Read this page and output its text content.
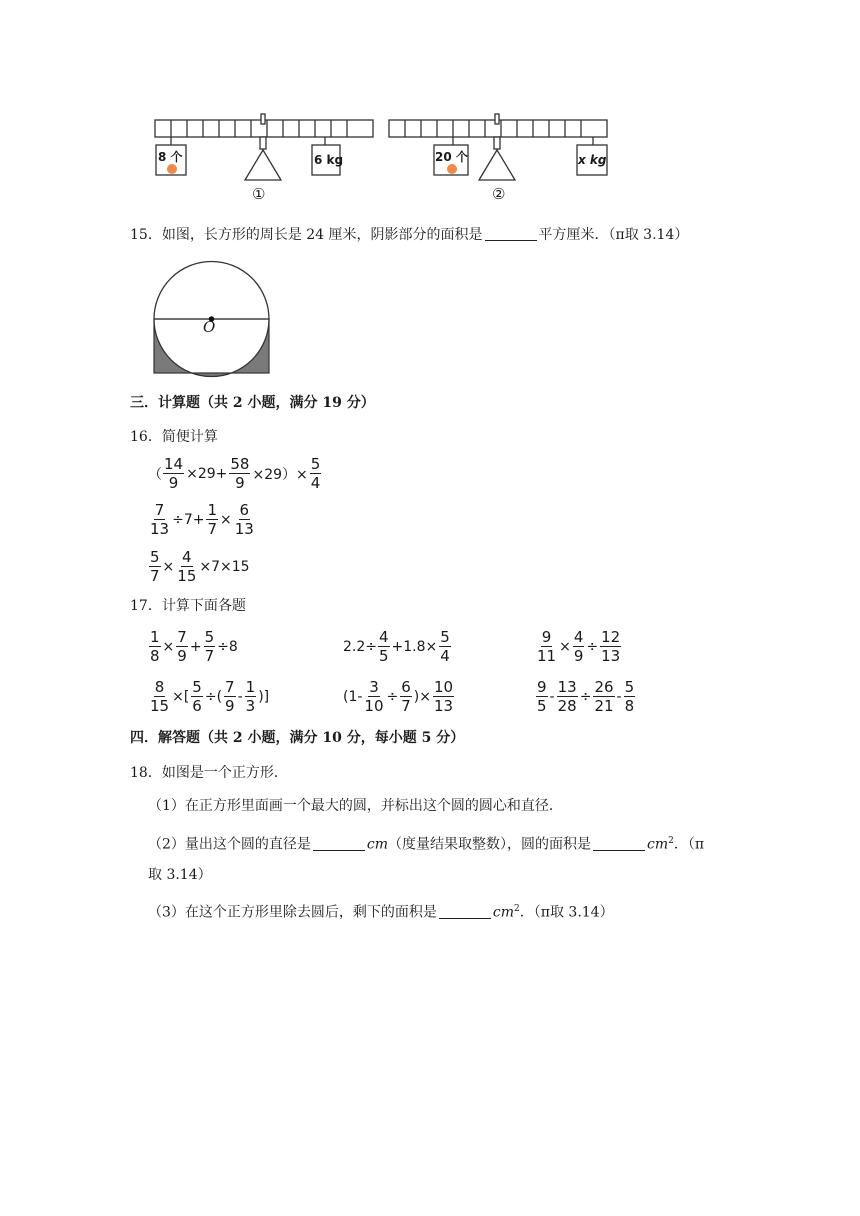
8 个	6 kg
①
20 个	x kg
②
15．如图，长方形的周长是 24 厘米，阴影部分的面积是	平方厘米．（π取 3.14）
O
三．计算题（共 2 小题，满分 19 分）
16．简便计算
（ $\frac{14}{9} \times 29+ \frac{58}{9} \times 29)\times \frac{5}{4}$
$\frac{7}{13} \div 7+ \frac{1}{7} \times \frac{6}{13}$
$\frac{5}{7} \times \frac{4}{15} \times 7\times 15$
17．计算下面各题
$\frac{1}{8} \times \frac{7}{9} + \frac{5}{7} \div 8$	$2.2\div \frac{4}{5} +1.8\times \frac{5}{4}$	$\frac{9}{11} \times \frac{4}{9} \div \frac{12}{13}$
$\frac{8}{15}$ ×[ $\frac{5}{6}$ ÷( $\frac{7}{9} - \frac{1}{3}$ )]	($1- \frac{3}{10} \div \frac{6}{7}$ )× $\frac{10}{13}$	$\frac{9}{5} - \frac{13}{28} \div \frac{26}{21} - \frac{5}{8}$
四．解答题（共 2 小题，满分 10 分，每小题 5 分）
18．如图是一个正方形．
（1）在正方形里面画一个最大的圆，并标出这个圆的圆心和直径．
（2）量出这个圆的直径是	cm（度量结果取整数），圆的面积是	$cm^2$．（π
取 3.14）
（3）在这个正方形里除去圆后，剩下的面积是	$cm^2$．（π取 3.14）
